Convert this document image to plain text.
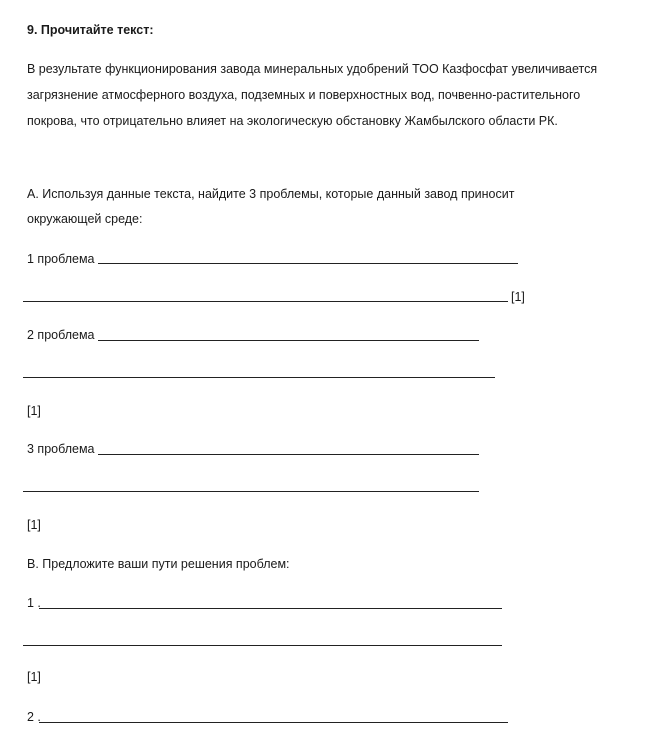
9. Прочитайте текст:
В результате функционирования завода минеральных удобрений ТОО Казфосфат увеличивается
загрязнение атмосферного воздуха, подземных и поверхностных вод, почвенно-растительного
покрова, что отрицательно влияет на экологическую обстановку Жамбылского области РК.
А. Используя данные текста, найдите 3 проблемы, которые данный завод приносит
окружающей среде:
1 проблема
[1]
2 проблема
[1]
3 проблема
[1]
В. Предложите ваши пути решения проблем:
1 .
[1]
2 .
